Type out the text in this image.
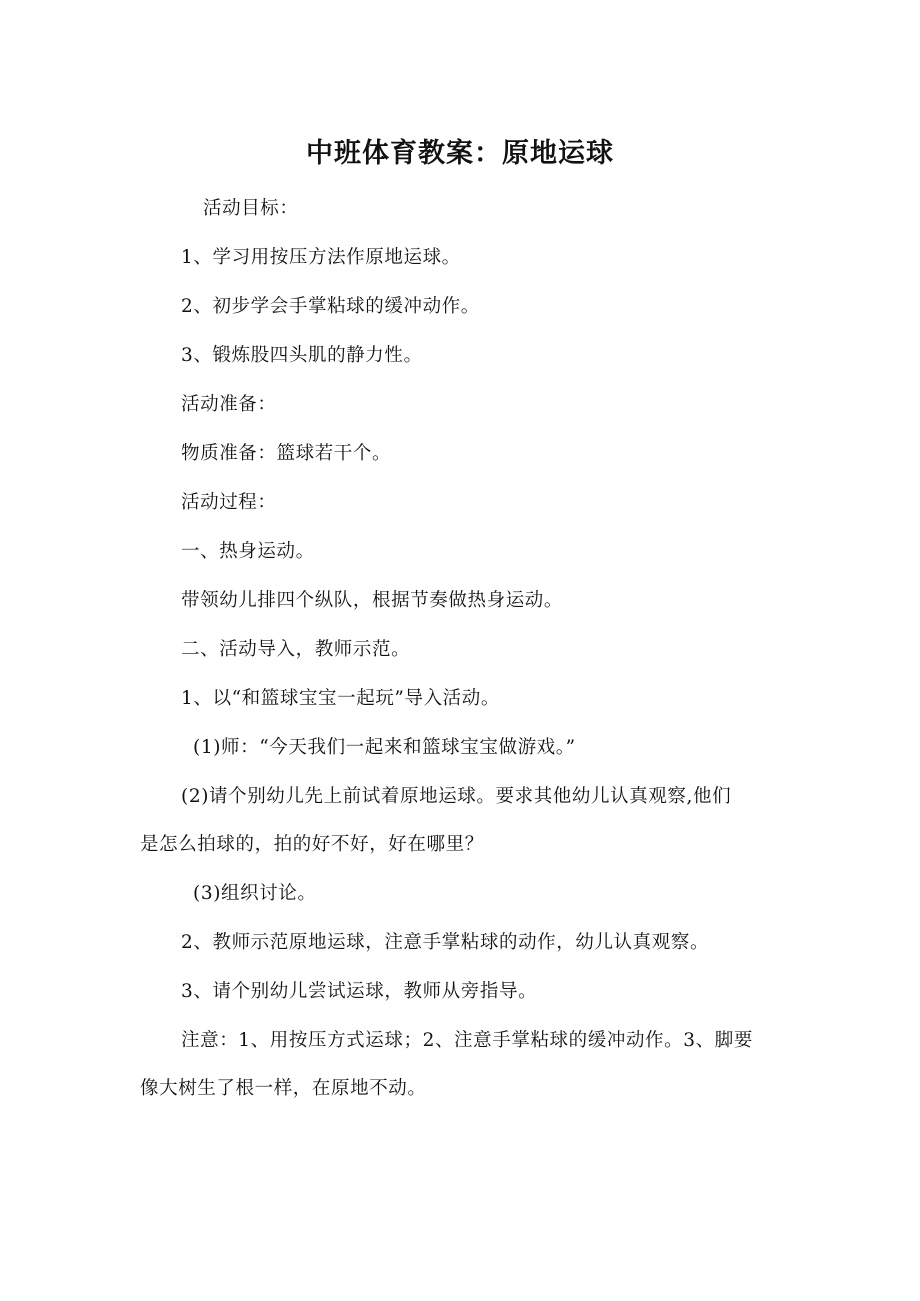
中班体育教案：原地运球
活动目标：
1、学习用按压方法作原地运球。
2、初步学会手掌粘球的缓冲动作。
3、锻炼股四头肌的静力性。
活动准备：
物质准备：篮球若干个。
活动过程：
一、热身运动。
带领幼儿排四个纵队，根据节奏做热身运动。
二、活动导入，教师示范。
1、以“和篮球宝宝一起玩”导入活动。
(1)师：“今天我们一起来和篮球宝宝做游戏。”
(2)请个别幼儿先上前试着原地运球。要求其他幼儿认真观察,他们
是怎么拍球的，拍的好不好，好在哪里？
(3)组织讨论。
2、教师示范原地运球，注意手掌粘球的动作，幼儿认真观察。
3、请个别幼儿尝试运球，教师从旁指导。
注意：1、用按压方式运球；2、注意手掌粘球的缓冲动作。3、脚要
像大树生了根一样，在原地不动。
